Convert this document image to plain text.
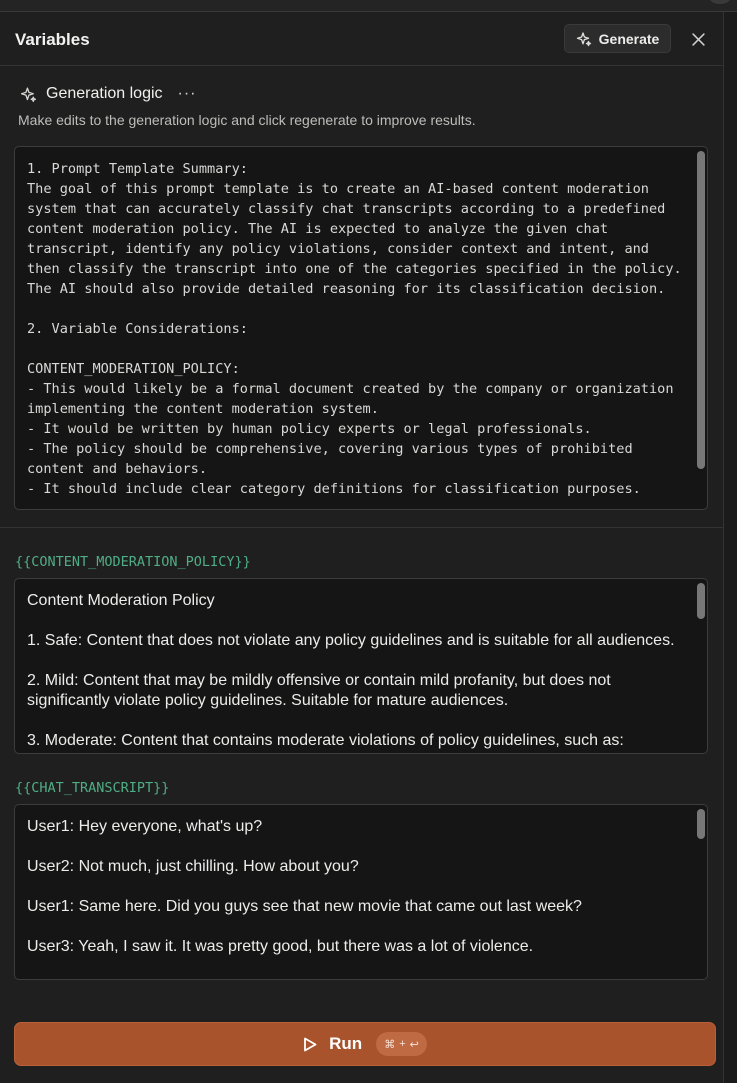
Variables	Generate
Generation logic ···
Make edits to the generation logic and click regenerate to improve results.
1. Prompt Template Summary:
The goal of this prompt template is to create an AI-based content moderation system that can accurately classify chat transcripts according to a predefined content moderation policy. The AI is expected to analyze the given chat transcript, identify any policy violations, consider context and intent, and then classify the transcript into one of the categories specified in the policy. The AI should also provide detailed reasoning for its classification decision.

2. Variable Considerations:

CONTENT_MODERATION_POLICY:
- This would likely be a formal document created by the company or organization implementing the content moderation system.
- It would be written by human policy experts or legal professionals.
- The policy should be comprehensive, covering various types of prohibited content and behaviors.
- It should include clear category definitions for classification purposes.
{{CONTENT_MODERATION_POLICY}}

Content Moderation Policy

1. Safe: Content that does not violate any policy guidelines and is suitable for all audiences.

2. Mild: Content that may be mildly offensive or contain mild profanity, but does not significantly violate policy guidelines. Suitable for mature audiences.

3. Moderate: Content that contains moderate violations of policy guidelines, such as:

{{CHAT_TRANSCRIPT}}

User1: Hey everyone, what's up?

User2: Not much, just chilling. How about you?

User1: Same here. Did you guys see that new movie that came out last week?

User3: Yeah, I saw it. It was pretty good, but there was a lot of violence.

Run ⌘ + ↩
